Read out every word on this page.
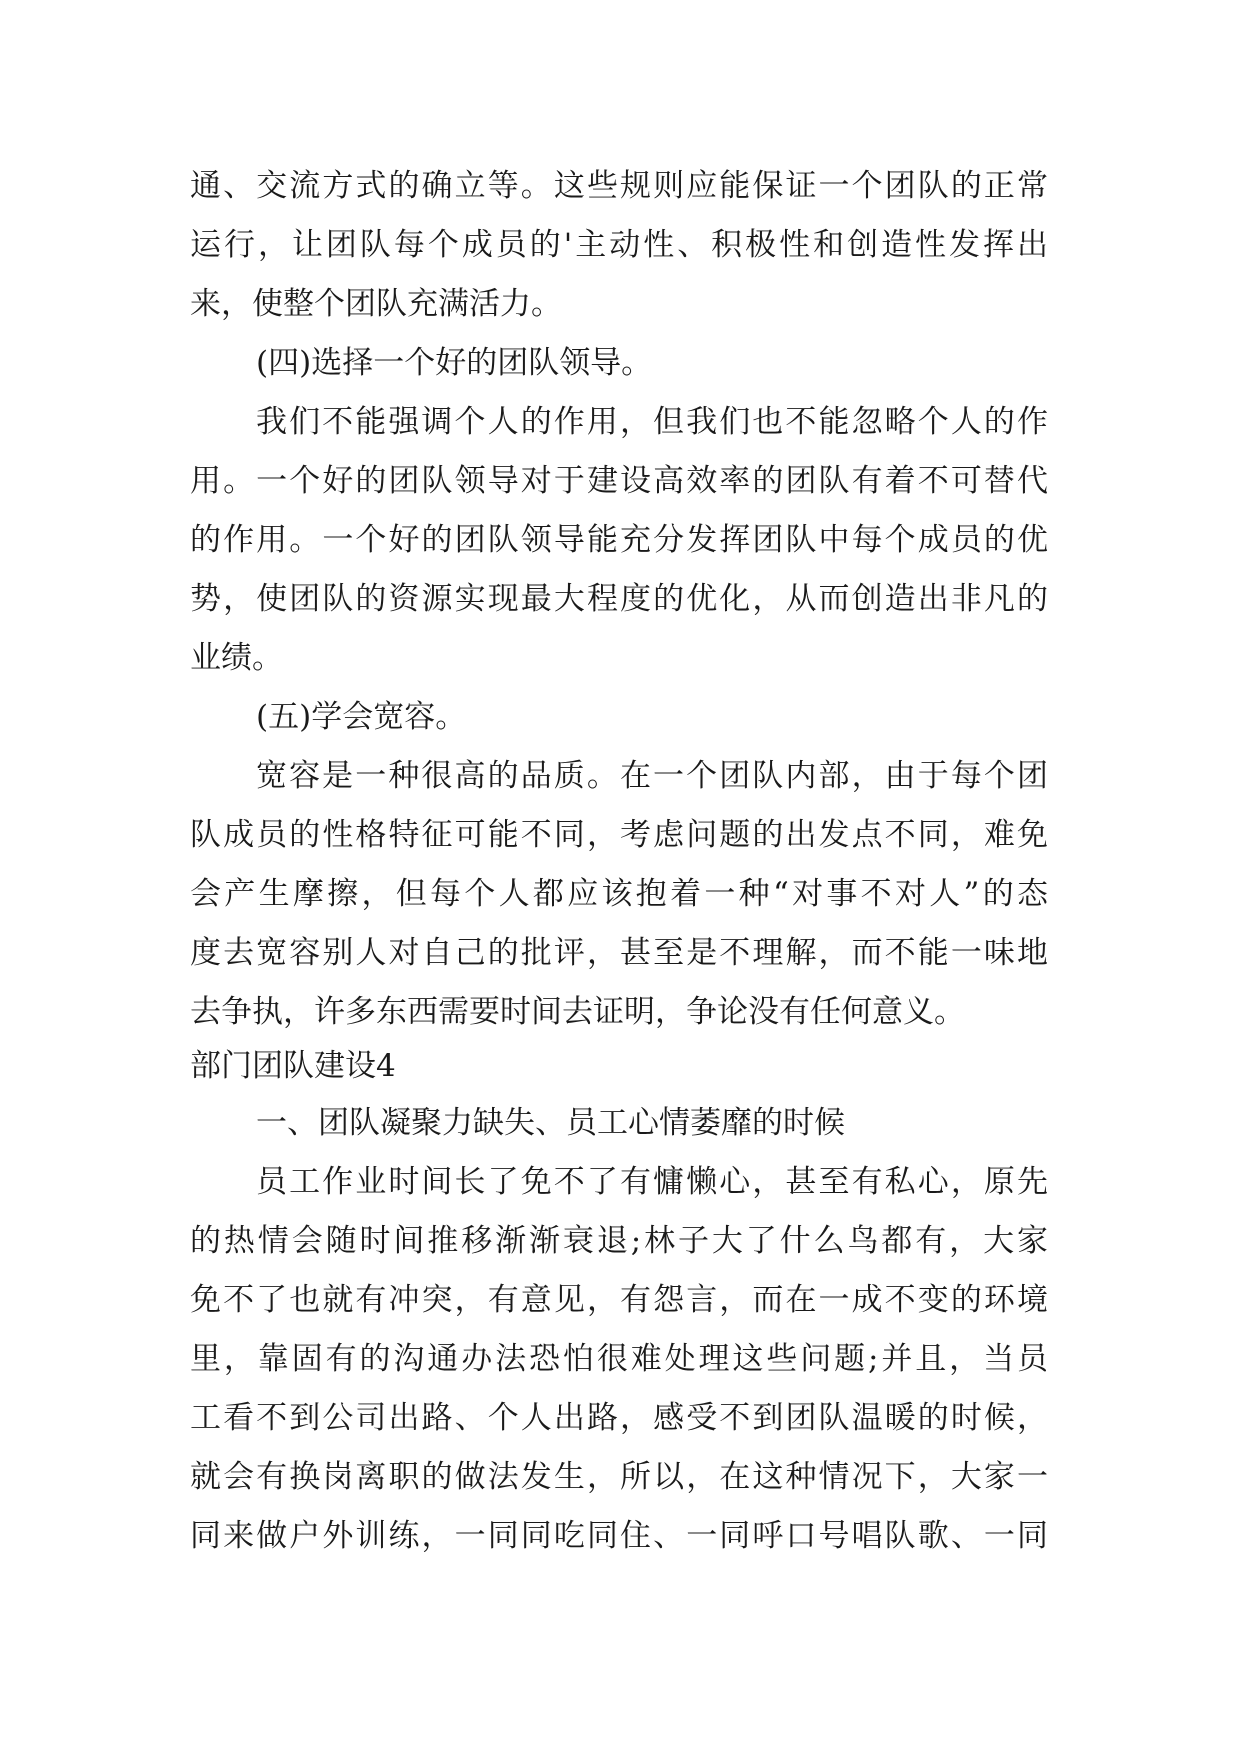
通、交流方式的确立等。这些规则应能保证一个团队的正常
运行，让团队每个成员的'主动性、积极性和创造性发挥出
来，使整个团队充满活力。
(四)选择一个好的团队领导。
我们不能强调个人的作用，但我们也不能忽略个人的作
用。一个好的团队领导对于建设高效率的团队有着不可替代
的作用。一个好的团队领导能充分发挥团队中每个成员的优
势，使团队的资源实现最大程度的优化，从而创造出非凡的
业绩。
(五)学会宽容。
宽容是一种很高的品质。在一个团队内部，由于每个团
队成员的性格特征可能不同，考虑问题的出发点不同，难免
会产生摩擦，但每个人都应该抱着一种“对事不对人”的态
度去宽容别人对自己的批评，甚至是不理解，而不能一味地
去争执，许多东西需要时间去证明，争论没有任何意义。
部门团队建设4
一、团队凝聚力缺失、员工心情萎靡的时候
员工作业时间长了免不了有慵懒心，甚至有私心，原先
的热情会随时间推移渐渐衰退;林子大了什么鸟都有，大家
免不了也就有冲突，有意见，有怨言，而在一成不变的环境
里，靠固有的沟通办法恐怕很难处理这些问题;并且，当员
工看不到公司出路、个人出路，感受不到团队温暖的时候，
就会有换岗离职的做法发生，所以，在这种情况下，大家一
同来做户外训练，一同同吃同住、一同呼口号唱队歌、一同
